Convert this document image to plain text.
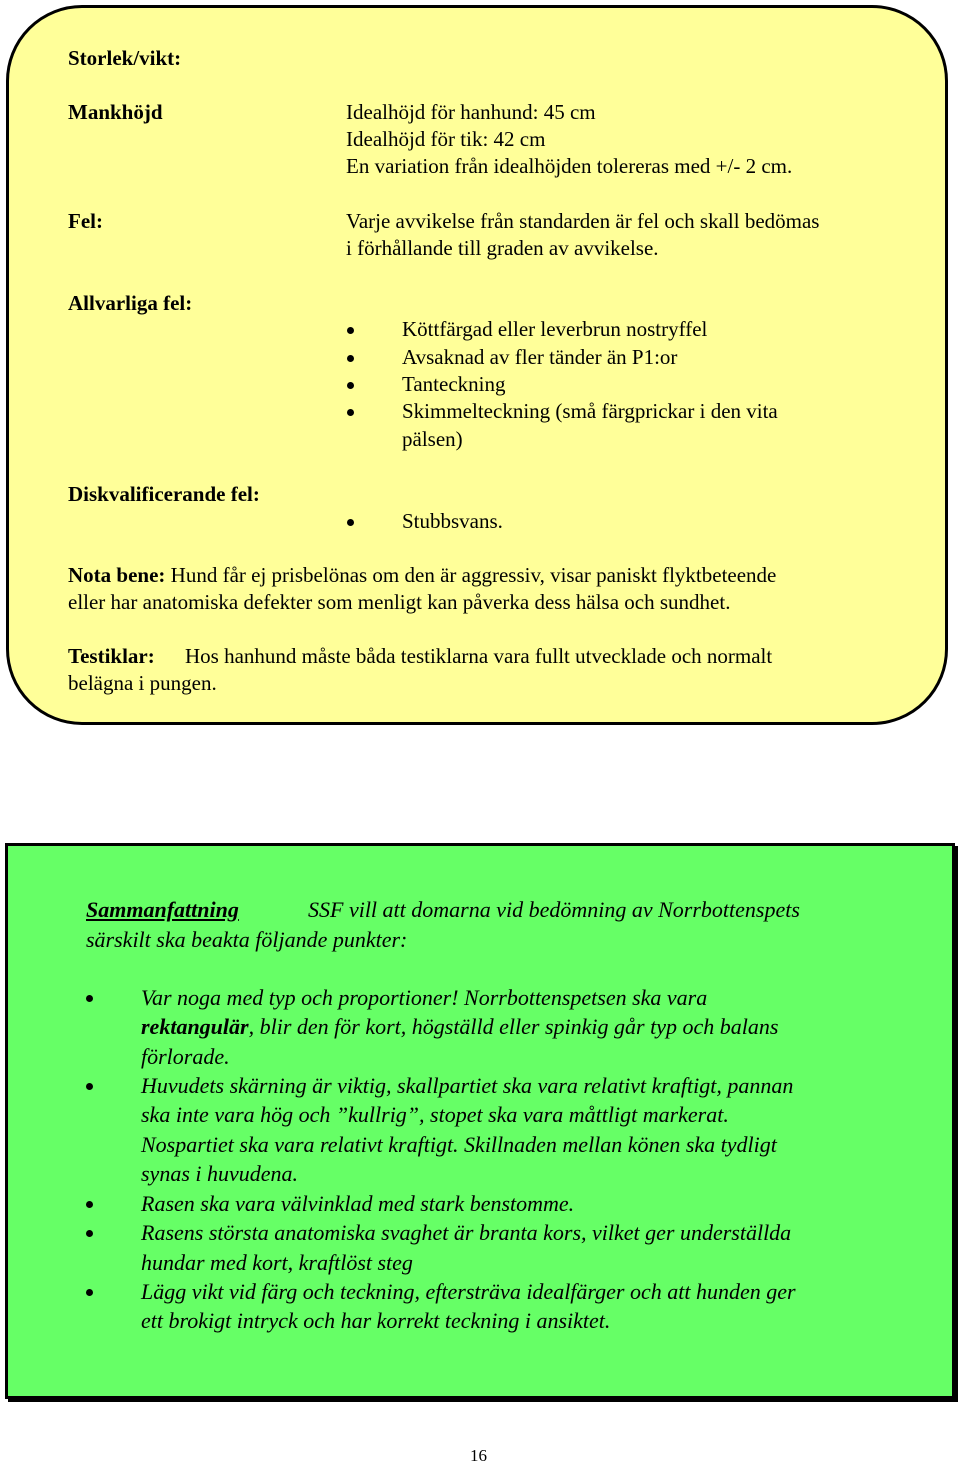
Storlek/vikt:
Mankhöjd	Idealhöjd för hanhund: 45 cm
Idealhöjd för tik: 42 cm
En variation från idealhöjden tolereras med +/- 2 cm.
Fel:	Varje avvikelse från standarden är fel och skall bedömas
i förhållande till graden av avvikelse.
Allvarliga fel:
Köttfärgad eller leverbrun nostryffel
Avsaknad av fler tänder än P1:or
Tanteckning
Skimmelteckning (små färgprickar i den vita
pälsen)
Diskvalificerande fel:
Stubbsvans.
Nota bene: Hund får ej prisbelönas om den är aggressiv, visar paniskt flyktbeteende
eller har anatomiska defekter som menligt kan påverka dess hälsa och sundhet.
Testiklar: Hos hanhund måste båda testiklarna vara fullt utvecklade och normalt
belägna i pungen.
Sammanfattning	SSF vill att domarna vid bedömning av Norrbottenspets
särskilt ska beakta följande punkter:
Var noga med typ och proportioner! Norrbottenspetsen ska vara
rektangulär, blir den för kort, högställd eller spinkig går typ och balans
förlorade.
Huvudets skärning är viktig, skallpartiet ska vara relativt kraftigt, pannan
ska inte vara hög och ”kullrig”, stopet ska vara måttligt markerat.
Nospartiet ska vara relativt kraftigt. Skillnaden mellan könen ska tydligt
synas i huvudena.
Rasen ska vara välvinklad med stark benstomme.
Rasens största anatomiska svaghet är branta kors, vilket ger underställda
hundar med kort, kraftlöst steg
Lägg vikt vid färg och teckning, eftersträva idealfärger och att hunden ger
ett brokigt intryck och har korrekt teckning i ansiktet.
16
